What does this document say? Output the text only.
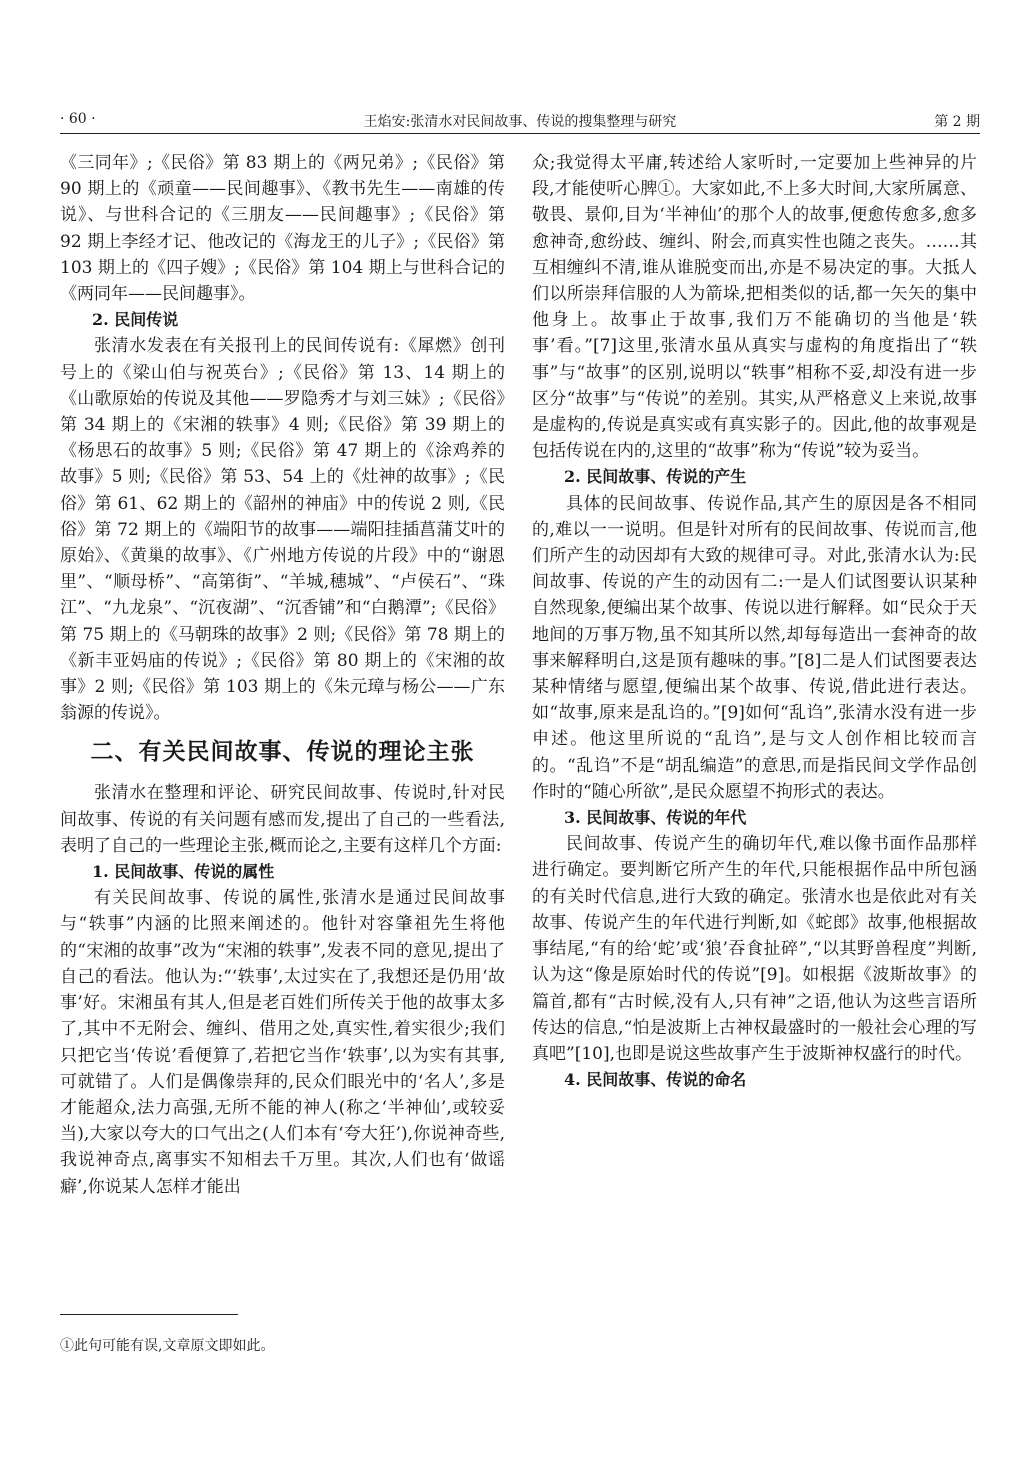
王焰安:张清水对民间故事、传说的搜集整理与研究
· 60 ·	第 2 期

《三同年》;《民俗》第 83 期上的《两兄弟》;《民俗》第 90 期上的《顽童——民间趣事》、《教书先生——南雄的传说》、与世科合记的《三朋友——民间趣事》;《民俗》第 92 期上李经才记、他改记的《海龙王的儿子》;《民俗》第 103 期上的《四子嫂》;《民俗》第 104 期上与世科合记的《两同年——民间趣事》。

2. 民间传说

张清水发表在有关报刊上的民间传说有:《犀燃》创刊号上的《梁山伯与祝英台》;《民俗》第 13、14 期上的《山歌原始的传说及其他——罗隐秀才与刘三妹》;《民俗》第 34 期上的《宋湘的轶事》4 则;《民俗》第 39 期上的《杨思石的故事》5 则;《民俗》第 47 期上的《涂鸡养的故事》5 则;《民俗》第 53、54 上的《灶神的故事》;《民俗》第 61、62 期上的《韶州的神庙》中的传说 2 则,《民俗》第 72 期上的《端阳节的故事——端阳挂插菖蒲艾叶的原始》、《黄巢的故事》、《广州地方传说的片段》中的“谢恩里”、“顺母桥”、“高第街”、“羊城,穗城”、“卢侯石”、“珠江”、“九龙泉”、“沉夜湖”、“沉香铺”和“白鹅潭”;《民俗》第 75 期上的《马朝珠的故事》2 则;《民俗》第 78 期上的《新丰亚妈庙的传说》;《民俗》第 80 期上的《宋湘的故事》2 则;《民俗》第 103 期上的《朱元璋与杨公——广东翁源的传说》。

二、有关民间故事、传说的理论主张

张清水在整理和评论、研究民间故事、传说时,针对民间故事、传说的有关问题有感而发,提出了自己的一些看法,表明了自己的一些理论主张,概而论之,主要有这样几个方面:

1. 民间故事、传说的属性

有关民间故事、传说的属性,张清水是通过民间故事与“轶事”内涵的比照来阐述的。他针对容肇祖先生将他的“宋湘的故事”改为“宋湘的轶事”,发表不同的意见,提出了自己的看法。他认为:“‘轶事’,太过实在了,我想还是仍用‘故事’好。宋湘虽有其人,但是老百姓们所传关于他的故事太多了,其中不无附会、缠纠、借用之处,真实性,着实很少;我们只把它当‘传说’看便算了,若把它当作‘轶事’,以为实有其事,可就错了。人们是偶像崇拜的,民众们眼光中的‘名人’,多是才能超众,法力高强,无所不能的神人(称之‘半神仙’,或较妥当),大家以夸大的口气出之(人们本有‘夸大狂’),你说神奇些,我说神奇点,离事实不知相去千万里。其次,人们也有‘做谣癖’,你说某人怎样才能出

众;我觉得太平庸,转述给人家听时,一定要加上些神异的片段,才能使听心脾①。大家如此,不上多大时间,大家所属意、敬畏、景仰,目为‘半神仙’的那个人的故事,便愈传愈多,愈多愈神奇,愈纷歧、缠纠、附会,而真实性也随之丧失。……其互相缠纠不清,谁从谁脱变而出,亦是不易决定的事。大抵人们以所崇拜信服的人为箭垛,把相类似的话,都一矢矢的集中他身上。故事止于故事,我们万不能确切的当他是‘轶事’看。”[7]这里,张清水虽从真实与虚构的角度指出了“轶事”与“故事”的区别,说明以“轶事”相称不妥,却没有进一步区分“故事”与“传说”的差别。其实,从严格意义上来说,故事是虚构的,传说是真实或有真实影子的。因此,他的故事观是包括传说在内的,这里的“故事”称为“传说”较为妥当。

2. 民间故事、传说的产生

具体的民间故事、传说作品,其产生的原因是各不相同的,难以一一说明。但是针对所有的民间故事、传说而言,他们所产生的动因却有大致的规律可寻。对此,张清水认为:民间故事、传说的产生的动因有二:一是人们试图要认识某种自然现象,便编出某个故事、传说以进行解释。如“民众于天地间的万事万物,虽不知其所以然,却每每造出一套神奇的故事来解释明白,这是顶有趣味的事。”[8]二是人们试图要表达某种情绪与愿望,便编出某个故事、传说,借此进行表达。如“故事,原来是乱诌的。”[9]如何“乱诌”,张清水没有进一步申述。他这里所说的“乱诌”,是与文人创作相比较而言的。“乱诌”不是“胡乱编造”的意思,而是指民间文学作品创作时的“随心所欲”,是民众愿望不拘形式的表达。

3. 民间故事、传说的年代

民间故事、传说产生的确切年代,难以像书面作品那样进行确定。要判断它所产生的年代,只能根据作品中所包涵的有关时代信息,进行大致的确定。张清水也是依此对有关故事、传说产生的年代进行判断,如《蛇郎》故事,他根据故事结尾,“有的给‘蛇’或‘狼’吞食扯碎”,“以其野兽程度”判断,认为这“像是原始时代的传说”[9]。如根据《波斯故事》的篇首,都有“古时候,没有人,只有神”之语,他认为这些言语所传达的信息,“怕是波斯上古神权最盛时的一般社会心理的写真吧”[10],也即是说这些故事产生于波斯神权盛行的时代。

4. 民间故事、传说的命名
①此句可能有误,文章原文即如此。
